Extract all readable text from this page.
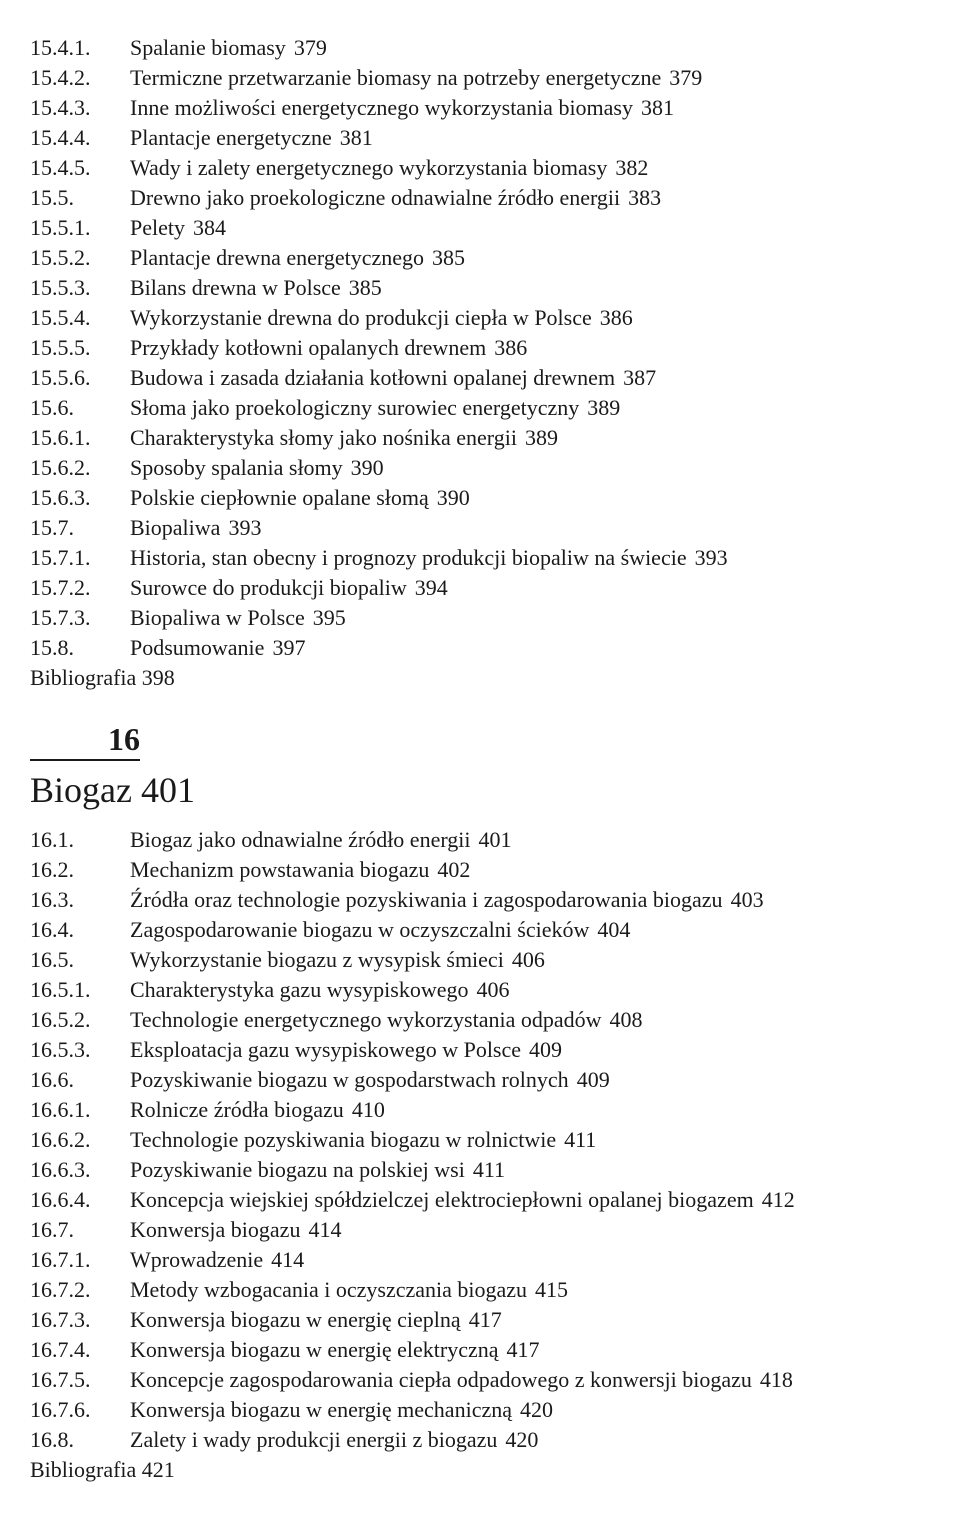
15.4.1. Spalanie biomasy 379
15.4.2. Termiczne przetwarzanie biomasy na potrzeby energetyczne 379
15.4.3. Inne możliwości energetycznego wykorzystania biomasy 381
15.4.4. Plantacje energetyczne 381
15.4.5. Wady i zalety energetycznego wykorzystania biomasy 382
15.5.	Drewno jako proekologiczne odnawialne źródło energii 383
15.5.1. Pelety 384
15.5.2. Plantacje drewna energetycznego 385
15.5.3. Bilans drewna w Polsce 385
15.5.4. Wykorzystanie drewna do produkcji ciepła w Polsce 386
15.5.5. Przykłady kotłowni opalanych drewnem 386
15.5.6. Budowa i zasada działania kotłowni opalanej drewnem 387
15.6.	Słoma jako proekologiczny surowiec energetyczny 389
15.6.1. Charakterystyka słomy jako nośnika energii 389
15.6.2. Sposoby spalania słomy 390
15.6.3. Polskie ciepłownie opalane słomą 390
15.7.	Biopaliwa 393
15.7.1. Historia, stan obecny i prognozy produkcji biopaliw na świecie 393
15.7.2. Surowce do produkcji biopaliw 394
15.7.3. Biopaliwa w Polsce 395
15.8.	Podsumowanie 397
Bibliografia 398
16
Biogaz 401
16.1.	Biogaz jako odnawialne źródło energii 401
16.2.	Mechanizm powstawania biogazu 402
16.3.	Źródła oraz technologie pozyskiwania i zagospodarowania biogazu 403
16.4.	Zagospodarowanie biogazu w oczyszczalni ścieków 404
16.5.	Wykorzystanie biogazu z wysypisk śmieci 406
16.5.1. Charakterystyka gazu wysypiskowego 406
16.5.2. Technologie energetycznego wykorzystania odpadów 408
16.5.3. Eksploatacja gazu wysypiskowego w Polsce 409
16.6.	Pozyskiwanie biogazu w gospodarstwach rolnych 409
16.6.1. Rolnicze źródła biogazu 410
16.6.2. Technologie pozyskiwania biogazu w rolnictwie 411
16.6.3. Pozyskiwanie biogazu na polskiej wsi 411
16.6.4. Koncepcja wiejskiej spółdzielczej elektrociepłowni opalanej biogazem 412
16.7.	Konwersja biogazu 414
16.7.1. Wprowadzenie 414
16.7.2. Metody wzbogacania i oczyszczania biogazu 415
16.7.3. Konwersja biogazu w energię cieplną 417
16.7.4. Konwersja biogazu w energię elektryczną 417
16.7.5. Koncepcje zagospodarowania ciepła odpadowego z konwersji biogazu 418
16.7.6. Konwersja biogazu w energię mechaniczną 420
16.8.	Zalety i wady produkcji energii z biogazu 420
Bibliografia 421
